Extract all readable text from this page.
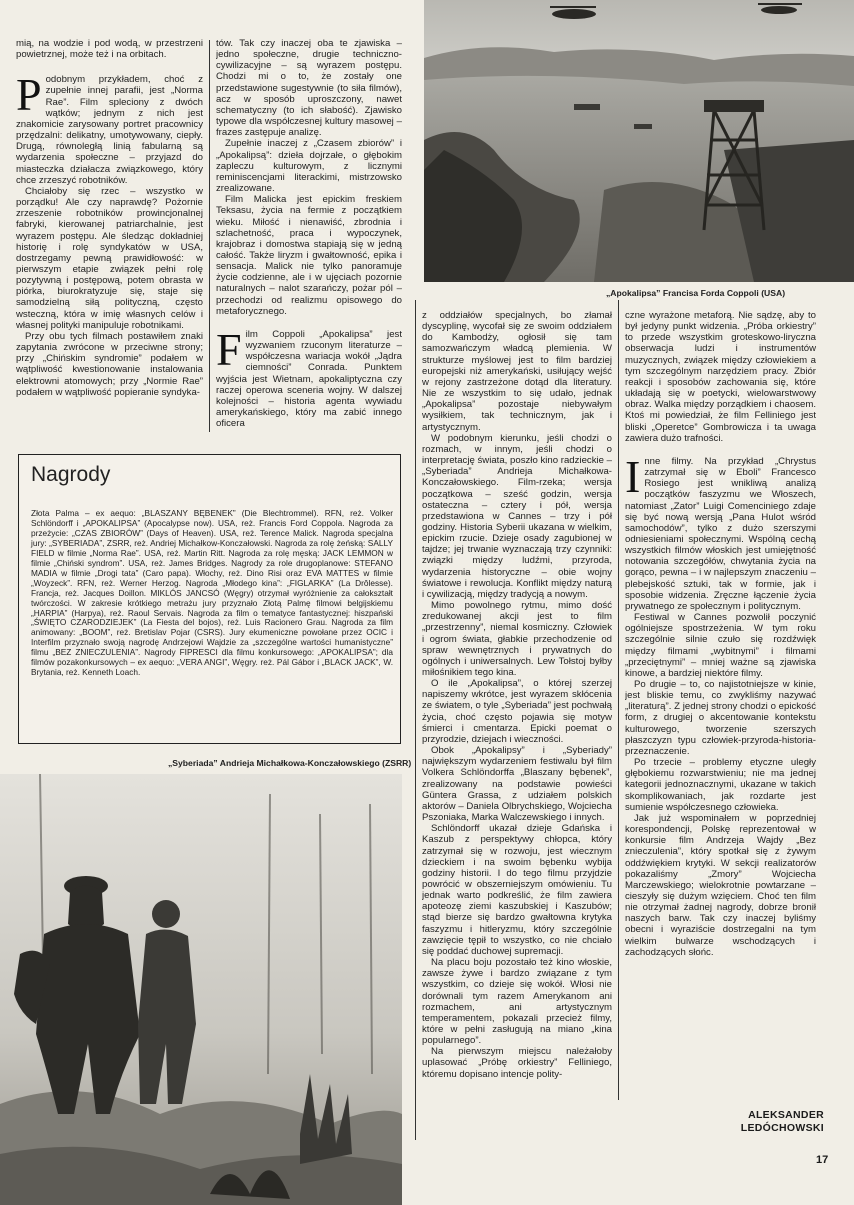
mią, na wodzie i pod wodą, w przestrzeni powietrznej, może też i na orbitach.

Podobnym przykładem, choć z zupełnie innej parafii, jest „Norma Rae”. Film spleciony z dwóch wątków; jednym z nich jest znakomicie zarysowany portret pracownicy przędzalni: delikatny, umotywowany, ciepły. Drugą, równoległą linią fabularną są wydarzenia społeczne – przyjazd do miasteczka działacza związkowego, który chce zrzeszyć robotników.

Chciałoby się rzec – wszystko w porządku! Ale czy naprawdę? Pożornie zrzeszenie robotników prowincjonalnej fabryki, kierowanej patriarchalnie, jest wyrazem postępu. Ale śledząc dokładniej historię i rolę syndykatów w USA, dostrzegamy pewną prawidłowość: w pierwszym etapie związek pełni rolę pozytywną i postępową, potem obrasta w piórka, biurokratyzuje się, staje się samodzielną siłą polityczną, często wsteczną, która w imię własnych celów i własnej polityki manipuluje robotnikami.

Przy obu tych filmach postawiłem znaki zapytania zwrócone w przeciwne strony; przy „Chińskim syndromie” podałem w wątpliwość kwestionowanie instalowania elektrowni atomowych; przy „Normie Rae” podałem w wątpliwość popieranie syndyka-

tów. Tak czy inaczej oba te zjawiska – jedno społeczne, drugie techniczno-cywilizacyjne – są wyrazem postępu. Chodzi mi o to, że zostały one przedstawione sugestywnie (to siła filmów), acz w sposób uproszczony, nawet schematyczny (to ich słabość). Zjawisko typowe dla współczesnej kultury masowej – frazes zastępuje analizę.

Zupełnie inaczej z „Czasem zbiorów” i „Apokalipsą”: dzieła dojrzałe, o głębokim zapleczu kulturowym, z licznymi reminiscencjami literackimi, mistrzowsko zrealizowane.

Film Malicka jest epickim freskiem Teksasu, życia na fermie z początkiem wieku. Miłość i nienawiść, zbrodnia i szlachetność, praca i wypoczynek, krajobraz i domostwa stapiają się w jedną całość. Także liryzm i gwałtowność, epika i sensacja. Malick nie tylko panoramuje życie codzienne, ale i w ujęciach pozornie naturalnych – nalot szarańczy, pożar pól – przechodzi od realizmu opisowego do metaforycznego.

Film Coppoli „Apokalipsa” jest wyzwaniem rzuconym literaturze – współczesna wariacja wokół „Jądra ciemności” Conrada. Punktem wyjścia jest Wietnam, apokaliptyczna czy raczej operowa sceneria wojny. W dalszej kolejności – historia agenta wywiadu amerykańskiego, który ma zabić innego oficera

„Apokalipsa” Francisa Forda Coppoli (USA)
Nagrody

Złota Palma – ex aequo: „BLASZANY BĘBENEK” (Die Blechtrommel). RFN, reż. Volker Schlöndorff i „APOKALIPSA” (Apocalypse now). USA, reż. Francis Ford Coppola. Nagroda za przeżycie: „CZAS ZBIORÓW” (Days of Heaven). USA, reż. Terence Malick. Nagroda specjalna jury: „SYBERIADA”, ZSRR, reż. Andriej Michałkow-Konczałowski. Nagroda za rolę żeńską: SALLY FIELD w filmie „Norma Rae”. USA, reż. Martin Ritt. Nagroda za rolę męską: JACK LEMMON w filmie „Chiński syndrom”. USA, reż. James Bridges. Nagrody za role drugoplanowe: STEFANO MADIA w filmie „Drogi tata” (Caro papa). Włochy, reż. Dino Risi oraz EVA MATTES w filmie „Woyzeck”. RFN, reż. Werner Herzog. Nagroda „Młodego kina”: „FIGLARKA” (La Drôlesse). Francja, reż. Jacques Doillon. MIKLÓS JANCSÓ (Węgry) otrzymał wyróżnienie za całokształt twórczości. W zakresie krótkiego metrażu jury przyznało Złotą Palmę filmowi belgijskiemu „HARPIA” (Harpya), reż. Raoul Servais. Nagroda za film o tematyce fantastycznej: hiszpański „ŚWIĘTO CZARODZIEJEK” (La Fiesta del bojos), reż. Luis Racionero Grau. Nagroda za film animowany: „BOOM”, reż. Bretislav Pojar (CSRS). Jury ekumeniczne powołane przez OCIC i Interfilm przyznało swoją nagrodę Andrzejowi Wajdzie za „szczególne wartości humanistyczne” filmu „BEZ ZNIECZULENIA”. Nagrody FIPRESCI dla filmu konkursowego: „APOKALIPSA”; dla filmów pozakonkursowych – ex aequo: „VERA ANGI”, Węgry. reż. Pál Gábor i „BLACK JACK”, W. Brytania, reż. Kenneth Loach.

„Syberiada” Andrieja Michałkowa-Konczałowskiego (ZSRR)

z oddziałów specjalnych, bo złamał dyscyplinę, wycofał się ze swoim oddziałem do Kambodży, ogłosił się tam samozwańczym władcą plemienia. W strukturze myślowej jest to film bardziej europejski niż amerykański, usiłujący wejść w rejony zastrzeżone dotąd dla literatury. Nie ze wszystkim to się udało, jednak „Apokalipsa” pozostaje niebywałym wysiłkiem, tak technicznym, jak i artystycznym.

W podobnym kierunku, jeśli chodzi o rozmach, w innym, jeśli chodzi o interpretację świata, poszło kino radzieckie – „Syberiada” Andrieja Michałkowa-Konczałowskiego. Film-rzeka; wersja początkowa – sześć godzin, wersja ostateczna – cztery i pół, wersja przedstawiona w Cannes – trzy i pół godziny. Historia Syberii ukazana w wielkim, epickim rzucie. Dzieje osady zagubionej w tajdze; jej trwanie wyznaczają trzy czynniki: związki między ludźmi, przyroda, wydarzenia historyczne – obie wojny światowe i rewolucja. Konflikt między naturą i cywilizacją, między tradycją a nowym.

Mimo powolnego rytmu, mimo dość zredukowanej akcji jest to film „przestrzenny”, niemal kosmiczny. Człowiek i ogrom świata, głabkie przechodzenie od spraw wewnętrznych i prywatnych do ogólnych i uniwersalnych. Lew Tołstoj byłby miłośnikiem tego kina.

O ile „Apokalipsa”, o której szerzej napiszemy wkrótce, jest wyrazem skłócenia ze światem, o tyle „Syberiada” jest pochwałą życia, choć często pojawia się motyw śmierci i cmentarza. Epicki poemat o przyrodzie, dziejach i wieczności.

Obok „Apokalipsy” i „Syberiady” największym wydarzeniem festiwalu był film Volkera Schlöndorffa „Blaszany bębenek”, zrealizowany na podstawie powieści Güntera Grassa, z udziałem polskich aktorów – Daniela Olbrychskiego, Wojciecha Pszoniaka, Marka Walczewskiego i innych.

Schlöndorff ukazał dzieje Gdańska i Kaszub z perspektywy chłopca, który zatrzymał się w rozwoju, jest wiecznym dzieckiem i na swoim bębenku wybija godziny historii. I do tego filmu przyjdzie powrócić w obszerniejszym omówieniu. Tu jednak warto podkreślić, że film zawiera apoteozę ziemi kaszubskiej i Kaszubów; stąd bierze się bardzo gwałtowna krytyka faszyzmu i hitleryzmu, który szczególnie zawzięcie tępił to wszystko, co nie chciało się poddać duchowej supremacji.

Na placu boju pozostało też kino włoskie, zawsze żywe i bardzo związane z tym wszystkim, co dzieje się wokół. Włosi nie dorównali tym razem Amerykanom ani rozmachem, ani artystycznym temperamentem, pokazali przecież filmy, które w pełni zasługują na miano „kina popularnego”.

Na pierwszym miejscu należałoby uplasować „Próbę orkiestry” Felliniego, któremu dopisano intencje polity-

czne wyrażone metaforą. Nie sądzę, aby to był jedyny punkt widzenia. „Próba orkiestry” to przede wszystkim groteskowo-liryczna obserwacja ludzi i instrumentów muzycznych, związek między człowiekiem a tym szczególnym narzędziem pracy. Zbiór reakcji i sposobów zachowania się, które układają się w poetycki, wielowarstwowy obraz. Walka między porządkiem i chaosem. Ktoś mi powiedział, że film Felliniego jest bliski „Operetce” Gombrowicza i ta uwaga zawiera dużo trafności.

Inne filmy. Na przykład „Chrystus zatrzymał się w Eboli” Francesco Rosiego jest wnikliwą analizą początków faszyzmu we Włoszech, natomiast „Zator” Luigi Comenciniego zdaje się być nową wersją „Pana Hulot wśród samochodów”, tylko z dużo szerszymi odniesieniami społecznymi. Wspólną cechą wszystkich filmów włoskich jest umiejętność notowania szczegółów, chwytania życia na gorąco, pewna – i w najlepszym znaczeniu – plebejskość sztuki, tak w formie, jak i sposobie widzenia. Zręczne łączenie życia prywatnego ze społecznym i politycznym.

Festiwal w Cannes pozwolił poczynić ogólniejsze spostrzeżenia. W tym roku szczególnie silnie czuło się rozdźwięk między filmami „wybitnymi” i filmami „przeciętnymi” – mniej ważne są zjawiska kinowe, a bardziej niektóre filmy.

Po drugie – to, co najistotniejsze w kinie, jest bliskie temu, co zwykliśmy nazywać „literaturą”. Z jednej strony chodzi o epickość form, z drugiej o akcentowanie kontekstu kulturowego, tworzenie szerszych płaszczyzn typu człowiek-przyroda-historia-przeznaczenie.

Po trzecie – problemy etyczne uległy głębokiemu rozwarstwieniu; nie ma jednej kategorii jednoznacznymi, ukazane w takich skomplikowaniach, jak rozdarte jest sumienie współczesnego człowieka.

Jak już wspominałem w poprzedniej korespondencji, Polskę reprezentował w konkursie film Andrzeja Wajdy „Bez znieczulenia”, który spotkał się z żywym oddźwiękiem krytyki. W sekcji realizatorów pokazaliśmy „Zmory” Wojciecha Marczewskiego; wielokrotnie powtarzane – cieszyły się dużym wzięciem. Choć ten film nie otrzymał żadnej nagrody, dobrze bronił naszych barw. Tak czy inaczej byliśmy obecni i wyraziście dostrzegalni na tym wielkim bulwarze wschodzących i zachodzących słońc.

ALEKSANDER
LEDÓCHOWSKI
17
